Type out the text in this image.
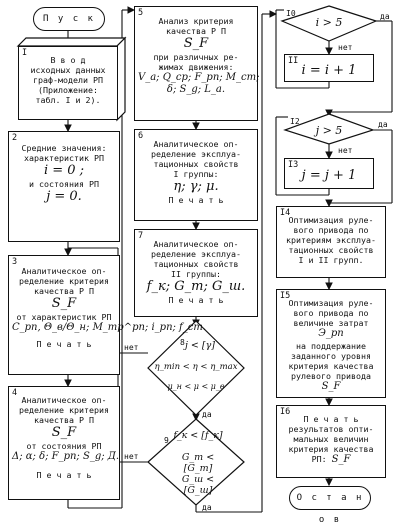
П у с к
О с т а н о в
I
В в о д
исходных данных
граф-модели РП
(Приложение:
табл. I и 2).
2
Средние значения:
характеристик РП
i = 0 ;
и состояния РП
j = 0.
3
Аналитическое оп-
ределение критерия
качества Р П
S_F
от характеристик РП
C_рп, Θ_в/Θ_н; M_тр^рп; i_рп; f_ст.
П е ч а т ь
4
Аналитическое оп-
ределение критерия
качества Р П
S_F
от состояния РП
Δ; α; δ; F_рп; S_g; Д.
П е ч а т ь
5
Анализ критерия
качества Р П
S_F
при различных ре-
жимах движения:
V_a; Q_ср; F_рп; M_ст;
δ; S_g; L_a.
6
Аналитическое оп-
ределение эксплуа-
тационных свойств
I группы:
η; γ; μ.
П е ч а т ь
7
Аналитическое оп-
ределение эксплуа-
тационных свойств
II группы:
f_к; G_т; G_ш.
П е ч а т ь
8 j < [γ]
η_min < η < η_max
μ_н < μ < μ_в
9 f_к < [f_к]
G_т < [G_т]
G_ш < [G_ш]
I0
i > 5
II
i = i + 1
I2
j > 5
I3
j = j + 1
I4
Оптимизация руле-
вого привода по
критериям эксплуа-
тационных свойств
I и II групп.
I5
Оптимизация руле-
вого привода по
величине затрат
Э_рп
на поддержание
заданного уровня
критерия качества
рулевого привода
S_F
I6
П е ч а т ь
результатов опти-
мальных величин
критерия качества
РП: S_F
да
нет
да
нет
нет
да
нет
да
